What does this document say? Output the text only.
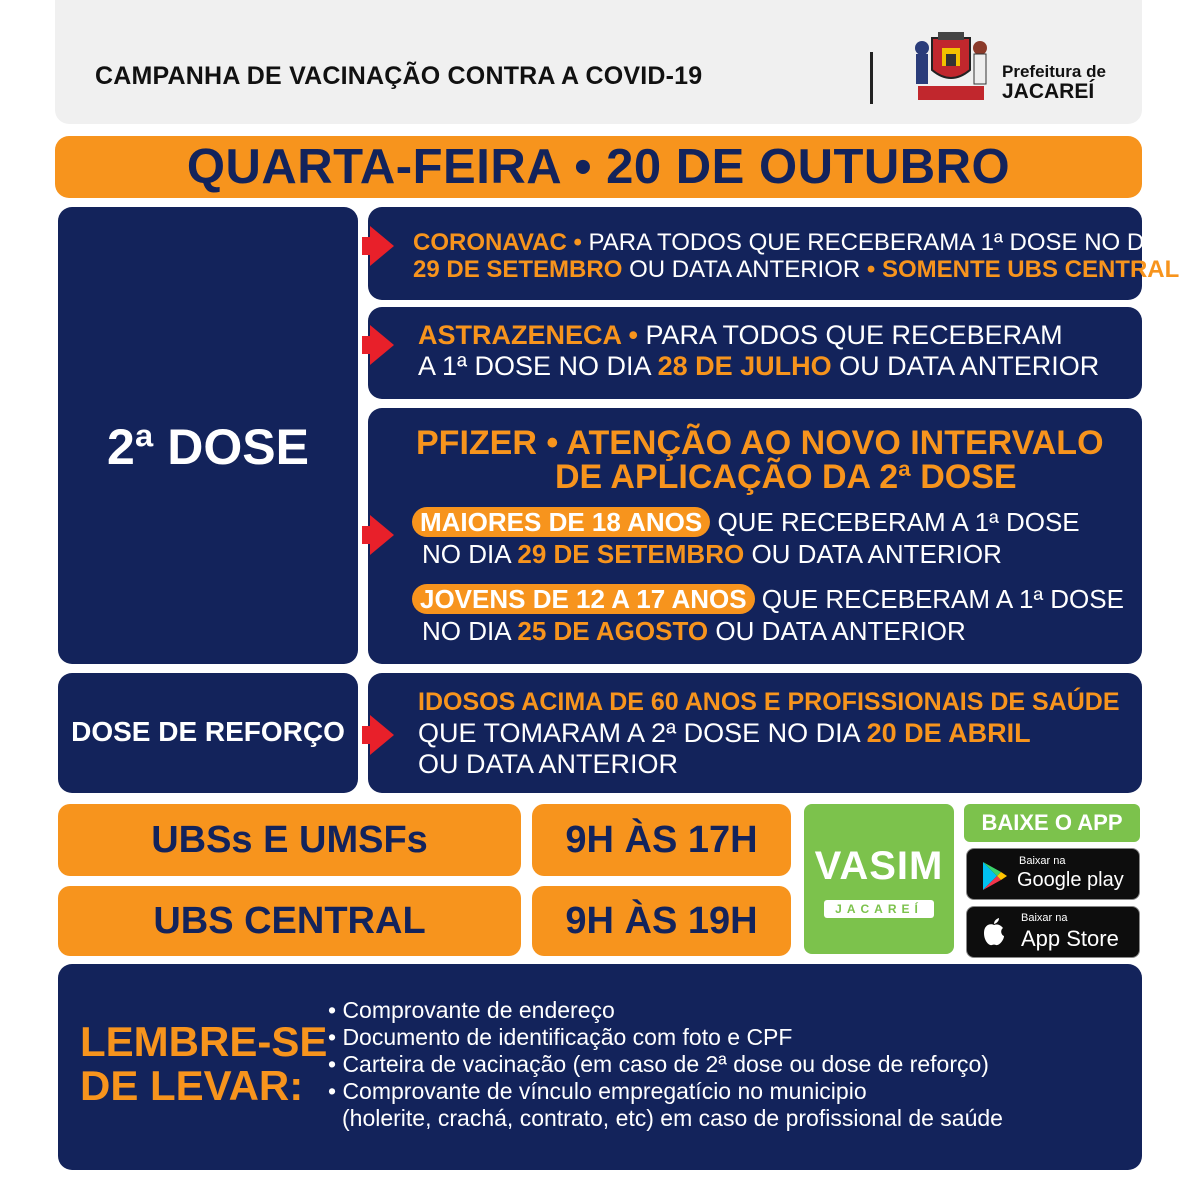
CAMPANHA DE VACINAÇÃO CONTRA A COVID-19	Prefeitura de
JACAREÍ
QUARTA-FEIRA • 20 DE OUTUBRO
2ª DOSE
CORONAVAC • PARA TODOS QUE RECEBERAMA 1ª DOSE NO DIA
29 DE SETEMBRO OU DATA ANTERIOR • SOMENTE UBS CENTRAL
ASTRAZENECA • PARA TODOS QUE RECEBERAM
A 1ª DOSE NO DIA 28 DE JULHO OU DATA ANTERIOR
PFIZER • ATENÇÃO AO NOVO INTERVALO
DE APLICAÇÃO DA 2ª DOSE
MAIORES DE 18 ANOS QUE RECEBERAM A 1ª DOSE
NO DIA 29 DE SETEMBRO OU DATA ANTERIOR
JOVENS DE 12 A 17 ANOS QUE RECEBERAM A 1ª DOSE
NO DIA 25 DE AGOSTO OU DATA ANTERIOR
DOSE DE REFORÇO
IDOSOS ACIMA DE 60 ANOS E PROFISSIONAIS DE SAÚDE
QUE TOMARAM A 2ª DOSE NO DIA 20 DE ABRIL
OU DATA ANTERIOR
UBSs E UMSFs	9H ÀS 17H
UBS CENTRAL	9H ÀS 19H
VASIM
JACAREÍ
BAIXE O APP
Baixar na
Google play
Baixar na
App Store
LEMBRE-SE
DE LEVAR:
• Comprovante de endereço
• Documento de identificação com foto e CPF
• Carteira de vacinação (em caso de 2ª dose ou dose de reforço)
• Comprovante de vínculo empregatício no municipio
(holerite, crachá, contrato, etc) em caso de profissional de saúde
